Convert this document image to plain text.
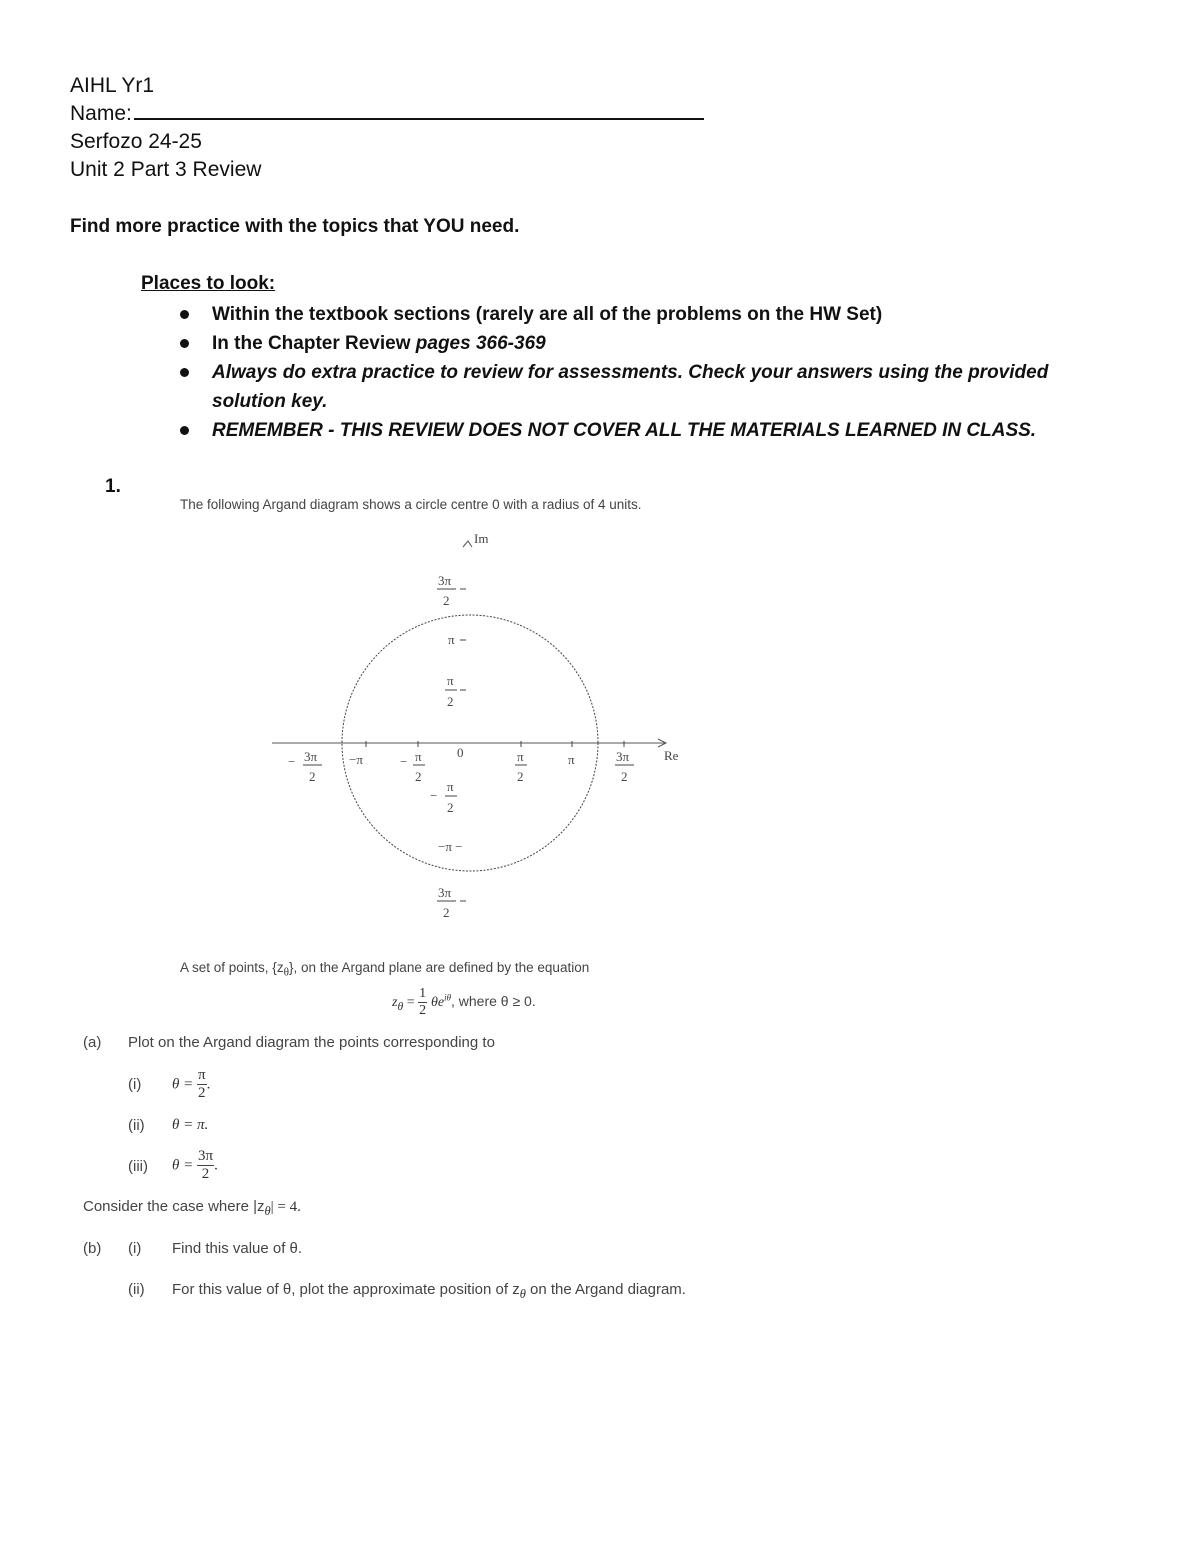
AIHL Yr1
Name:
Serfozo 24-25
Unit 2 Part 3 Review
Find more practice with the topics that YOU need.
Places to look:
Within the textbook sections (rarely are all of the problems on the HW Set)
In the Chapter Review pages 366-369
Always do extra practice to review for assessments. Check your answers using the provided
solution key.
REMEMBER - THIS REVIEW DOES NOT COVER ALL THE MATERIALS LEARNED IN CLASS.
1.
The following Argand diagram shows a circle centre 0 with a radius of 4 units.
Im
Re
0
3π
2
π
π
2
−
π
2
−π −
3π
2
− 3π
2
−π	− π
2
π
2
π	3π
2
A set of points, $\{z_\theta\}$, on the Argand plane are defined by the equation
$z_\theta = \frac{1}{2} \theta e^{i\theta}$, where θ ≥ 0.
(a) Plot on the Argand diagram the points corresponding to
(i) $\theta = \frac{\pi}{2}$ .
(ii) θ = π.
(iii) $\theta = \frac{3\pi}{2}$ .
Consider the case where $|z_\theta| = 4$.
(b) (i) Find this value of θ.
(ii) For this value of θ, plot the approximate position of $z_\theta$ on the Argand diagram.
